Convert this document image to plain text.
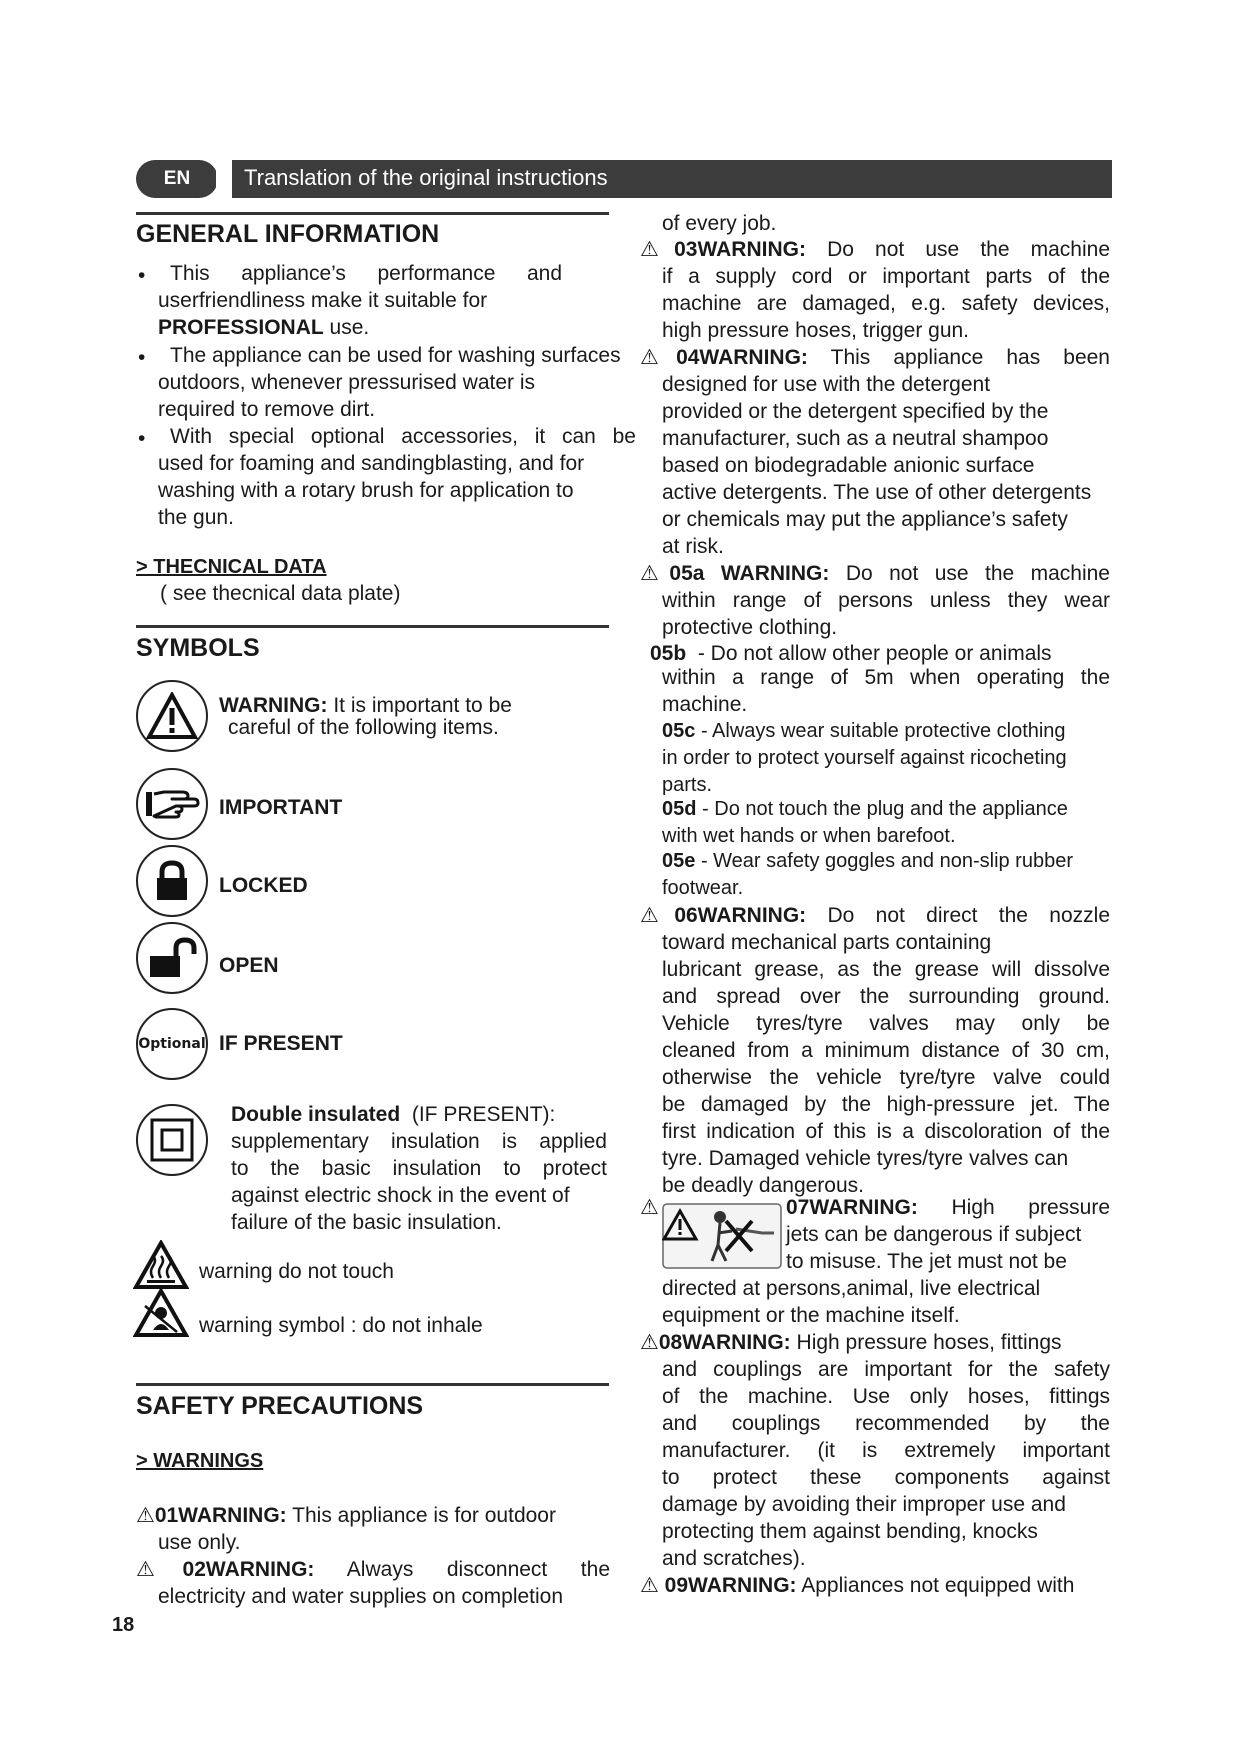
EN	Translation of the original instructions
GENERAL INFORMATION
•	This appliance’s performance and
userfriendliness make it suitable for
PROFESSIONAL use.
•	The appliance can be used for washing surfaces
outdoors, whenever pressurised water is
required to remove dirt.
•	With special optional accessories, it can be
used for foaming and sandingblasting, and for
washing with a rotary brush for application to
the gun.
> THECNICAL DATA
( see thecnical data plate)
SYMBOLS
WARNING: It is important to be
careful of the following items.
IMPORTANT
LOCKED
OPEN
Optional IF PRESENT
Double insulated (IF PRESENT):
supplementary insulation is applied
to the basic insulation to protect
against electric shock in the event of
failure of the basic insulation.
warning do not touch
warning symbol : do not inhale
SAFETY PRECAUTIONS
> WARNINGS
⚠01WARNING: This appliance is for outdoor
use only.
⚠02WARNING: Always disconnect the
electricity and water supplies on completion
18
of every job.
⚠03WARNING: Do not use the machine
if a supply cord or important parts of the
machine are damaged, e.g. safety devices,
high pressure hoses, trigger gun.
⚠04WARNING: This appliance has been
designed for use with the detergent
provided or the detergent specified by the
manufacturer, such as a neutral shampoo
based on biodegradable anionic surface
active detergents. The use of other detergents
or chemicals may put the appliance’s safety
at risk.
⚠05a WARNING: Do not use the machine
within range of persons unless they wear
protective clothing.
05b - Do not allow other people or animals
within a range of 5m when operating the
machine.
05c - Always wear suitable protective clothing
in order to protect yourself against ricocheting
parts.
05d - Do not touch the plug and the appliance
with wet hands or when barefoot.
05e - Wear safety goggles and non-slip rubber
footwear.
⚠06WARNING: Do not direct the nozzle
toward mechanical parts containing
lubricant grease, as the grease will dissolve
and spread over the surrounding ground.
Vehicle tyres/tyre valves may only be
cleaned from a minimum distance of 30 cm,
otherwise the vehicle tyre/tyre valve could
be damaged by the high-pressure jet. The
first indication of this is a discoloration of the
tyre. Damaged vehicle tyres/tyre valves can
be deadly dangerous.
⚠	07WARNING: High pressure
jets can be dangerous if subject
to misuse. The jet must not be
directed at persons,animal, live electrical
equipment or the machine itself.
⚠08WARNING: High pressure hoses, fittings
and couplings are important for the safety
of the machine. Use only hoses, fittings
and couplings recommended by the
manufacturer. (it is extremely important
to protect these components against
damage by avoiding their improper use and
protecting them against bending, knocks
and scratches).
⚠ 09WARNING: Appliances not equipped with
